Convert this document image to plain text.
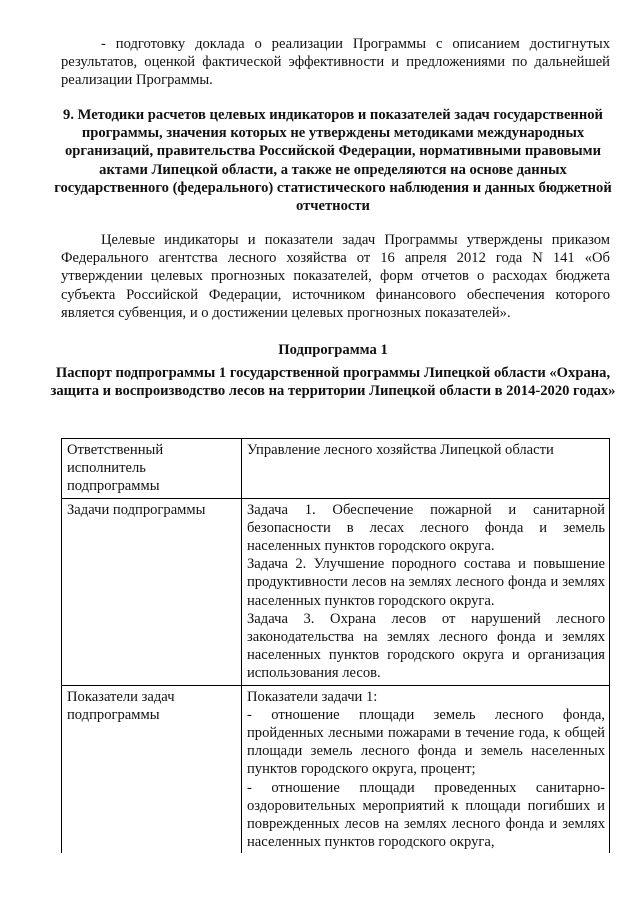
- подготовку доклада о реализации Программы с описанием достигнутых результатов, оценкой фактической эффективности и предложениями по дальнейшей реализации Программы.

9. Методики расчетов целевых индикаторов и показателей задач государственной программы, значения которых не утверждены методиками международных организаций, правительства Российской Федерации, нормативными правовыми актами Липецкой области, а также не определяются на основе данных государственного (федерального) статистического наблюдения и данных бюджетной отчетности

Целевые индикаторы и показатели задач Программы утверждены приказом Федерального агентства лесного хозяйства от 16 апреля 2012 года N 141 «Об утверждении целевых прогнозных показателей, форм отчетов о расходах бюджета субъекта Российской Федерации, источником финансового обеспечения которого является субвенция, и о достижении целевых прогнозных показателей».

Подпрограмма 1

Паспорт подпрограммы 1 государственной программы Липецкой области «Охрана, защита и воспроизводство лесов на территории Липецкой области в 2014-2020 годах»

Ответственный исполнитель подпрограммы	Управление лесного хозяйства Липецкой области

Задачи подпрограммы	Задача 1. Обеспечение пожарной и санитарной безопасности в лесах лесного фонда и земель населенных пунктов городского округа.
Задача 2. Улучшение породного состава и повышение продуктивности лесов на землях лесного фонда и землях населенных пунктов городского округа.
Задача 3. Охрана лесов от нарушений лесного законодательства на землях лесного фонда и землях населенных пунктов городского округа и организация использования лесов.

Показатели задач подпрограммы	Показатели задачи 1:
- отношение площади земель лесного фонда, пройденных лесными пожарами в течение года, к общей площади земель лесного фонда и земель населенных пунктов городского округа, процент;
- отношение площади проведенных санитарно-оздоровительных мероприятий к площади погибших и поврежденных лесов на землях лесного фонда и землях населенных пунктов городского округа,
